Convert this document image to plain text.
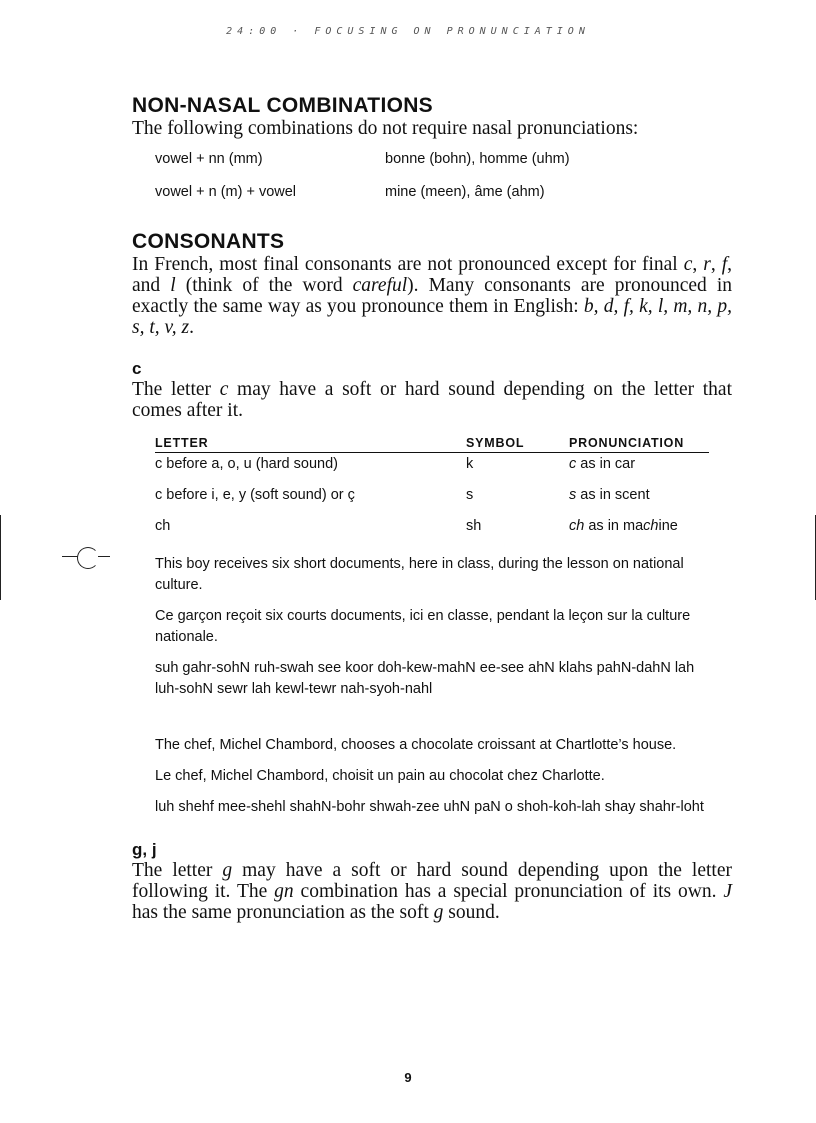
24:00 · FOCUSING ON PRONUNCIATION
NON-NASAL COMBINATIONS

The following combinations do not require nasal pronunciations:

vowel + nn (mm)	bonne (bohn), homme (uhm)
vowel + n (m) + vowel	mine (meen), âme (ahm)
CONSONANTS

In French, most final consonants are not pronounced except for final c, r, f, and l (think of the word careful). Many consonants are pronounced in exactly the same way as you pronounce them in English: b, d, f, k, l, m, n, p, s, t, v, z.

c

The letter c may have a soft or hard sound depending on the letter that comes after it.

LETTER	SYMBOL	PRONUNCIATION
c before a, o, u (hard sound)	k	c as in car
c before i, e, y (soft sound) or ç	s	s as in scent
ch	sh	ch as in machine

This boy receives six short documents, here in class, during the lesson on national culture.

Ce garçon reçoit six courts documents, ici en classe, pendant la leçon sur la culture nationale.

suh gahr-sohN ruh-swah see koor doh-kew-mahN ee-see ahN klahs pahN-dahN lah luh-sohN sewr lah kewl-tewr nah-syoh-nahl

The chef, Michel Chambord, chooses a chocolate croissant at Chartlotte’s house.

Le chef, Michel Chambord, choisit un pain au chocolat chez Charlotte.

luh shehf mee-shehl shahN-bohr shwah-zee uhN paN o shoh-koh-lah shay shahr-loht

g, j

The letter g may have a soft or hard sound depending upon the letter following it. The gn combination has a special pronunciation of its own. J has the same pronunciation as the soft g sound.

9
